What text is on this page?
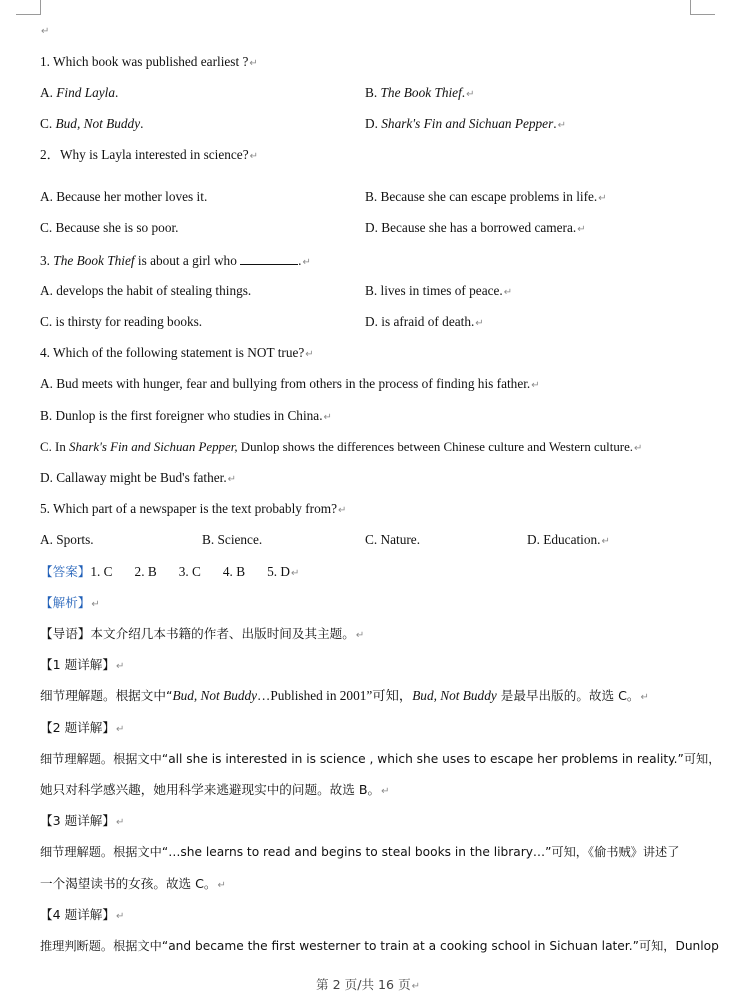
↵
1. Which book was published earliest ?↵
A. Find Layla.	B. The Book Thief.↵
C. Bud, Not Buddy.	D. Shark's Fin and Sichuan Pepper.↵
2．Why is Layla interested in science?↵
A. Because her mother loves it.	B. Because she can escape problems in life.↵
C. Because she is so poor.	D. Because she has a borrowed camera.↵
3. The Book Thief is about a girl who	.↵
A. develops the habit of stealing things.	B. lives in times of peace.↵
C. is thirsty for reading books.	D. is afraid of death.↵
4. Which of the following statement is NOT true?↵
A. Bud meets with hunger, fear and bullying from others in the process of finding his father.↵
B. Dunlop is the first foreigner who studies in China.↵
C. In Shark's Fin and Sichuan Pepper, Dunlop shows the differences between Chinese culture and Western culture.↵
D. Callaway might be Bud's father.↵
5. Which part of a newspaper is the text probably from?↵
A. Sports.	B. Science.	C. Nature.	D. Education.↵
【答案】1. C 2. B 3. C 4. B 5. D↵
【解析】↵
【导语】本文介绍几本书籍的作者、出版时间及其主题。↵
【1 题详解】↵
细节理解题。根据文中“Bud, Not Buddy…Published in 2001”可知，Bud, Not Buddy 是最早出版的。故选 C。↵
【2 题详解】↵
细节理解题。根据文中“all she is interested in is science , which she uses to escape her problems in reality.”可知，
她只对科学感兴趣，她用科学来逃避现实中的问题。故选 B。↵
【3 题详解】↵
细节理解题。根据文中“…she learns to read and begins to steal books in the library…”可知，《偷书贼》讲述了
一个渴望读书的女孩。故选 C。↵
【4 题详解】↵
推理判断题。根据文中“and became the first westerner to train at a cooking school in Sichuan later.”可知，Dunlop
第 2 页/共 16 页↵
